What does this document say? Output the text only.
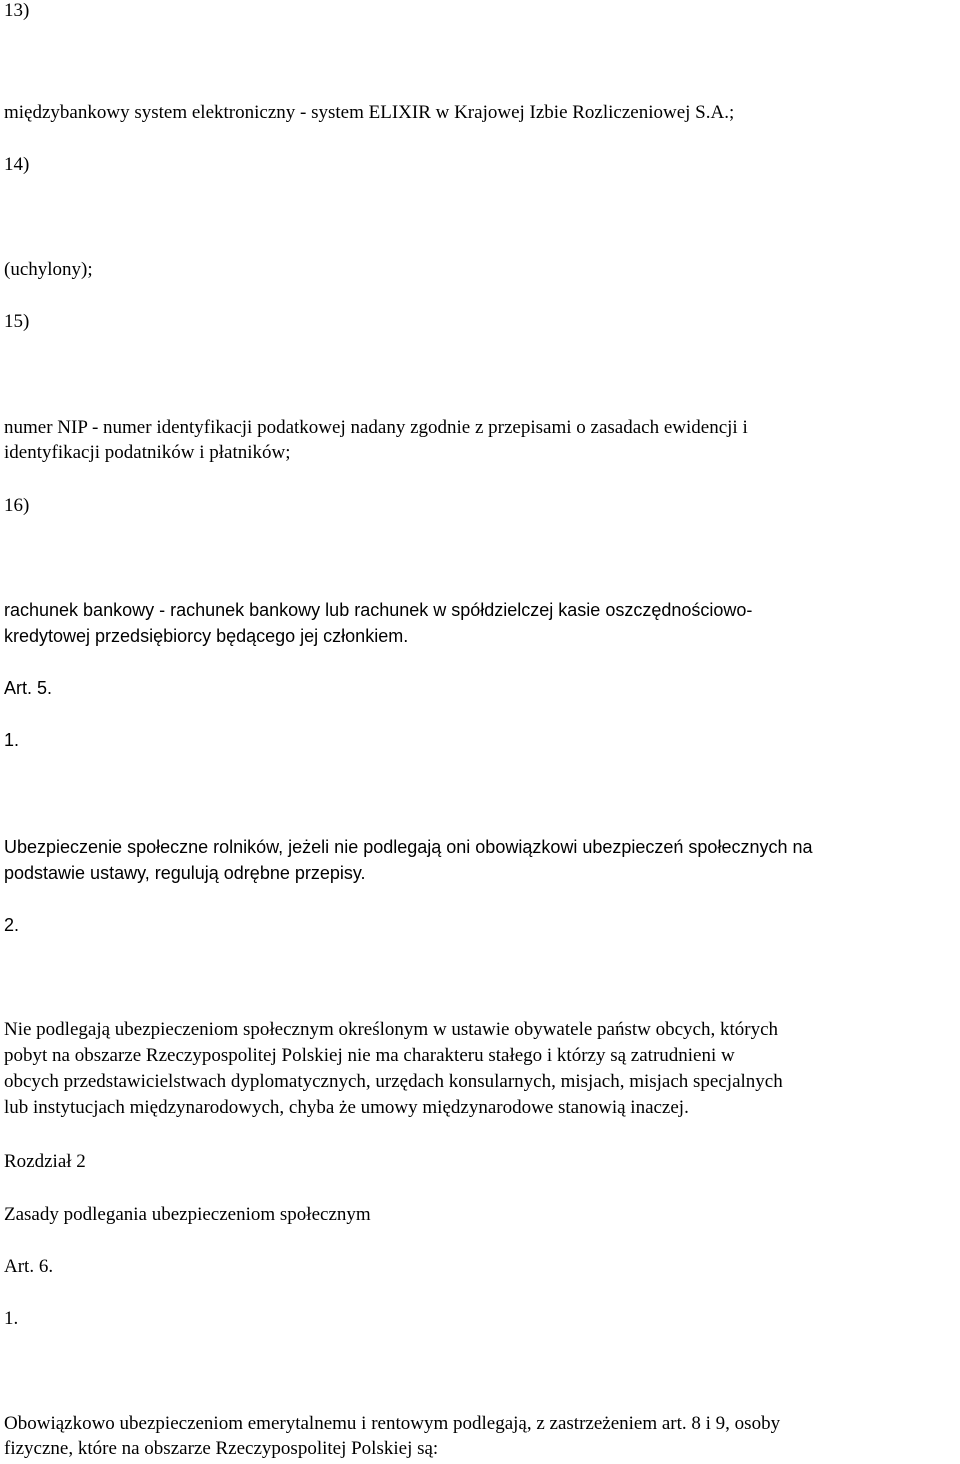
13)

międzybankowy system elektroniczny - system ELIXIR w Krajowej Izbie Rozliczeniowej S.A.;

14)

(uchylony);

15)

numer NIP - numer identyfikacji podatkowej nadany zgodnie z przepisami o zasadach ewidencji i

identyfikacji podatników i płatników;

16)

rachunek bankowy - rachunek bankowy lub rachunek w spółdzielczej kasie oszczędnościowo-

kredytowej przedsiębiorcy będącego jej członkiem.

Art. 5.

1.

Ubezpieczenie społeczne rolników, jeżeli nie podlegają oni obowiązkowi ubezpieczeń społecznych na

podstawie ustawy, regulują odrębne przepisy.

2.

Nie podlegają ubezpieczeniom społecznym określonym w ustawie obywatele państw obcych, których

pobyt na obszarze Rzeczypospolitej Polskiej nie ma charakteru stałego i którzy są zatrudnieni w

obcych przedstawicielstwach dyplomatycznych, urzędach konsularnych, misjach, misjach specjalnych

lub instytucjach międzynarodowych, chyba że umowy międzynarodowe stanowią inaczej.

Rozdział 2

Zasady podlegania ubezpieczeniom społecznym

Art. 6.

1.

Obowiązkowo ubezpieczeniom emerytalnemu i rentowym podlegają, z zastrzeżeniem art. 8 i 9, osoby

fizyczne, które na obszarze Rzeczypospolitej Polskiej są:
